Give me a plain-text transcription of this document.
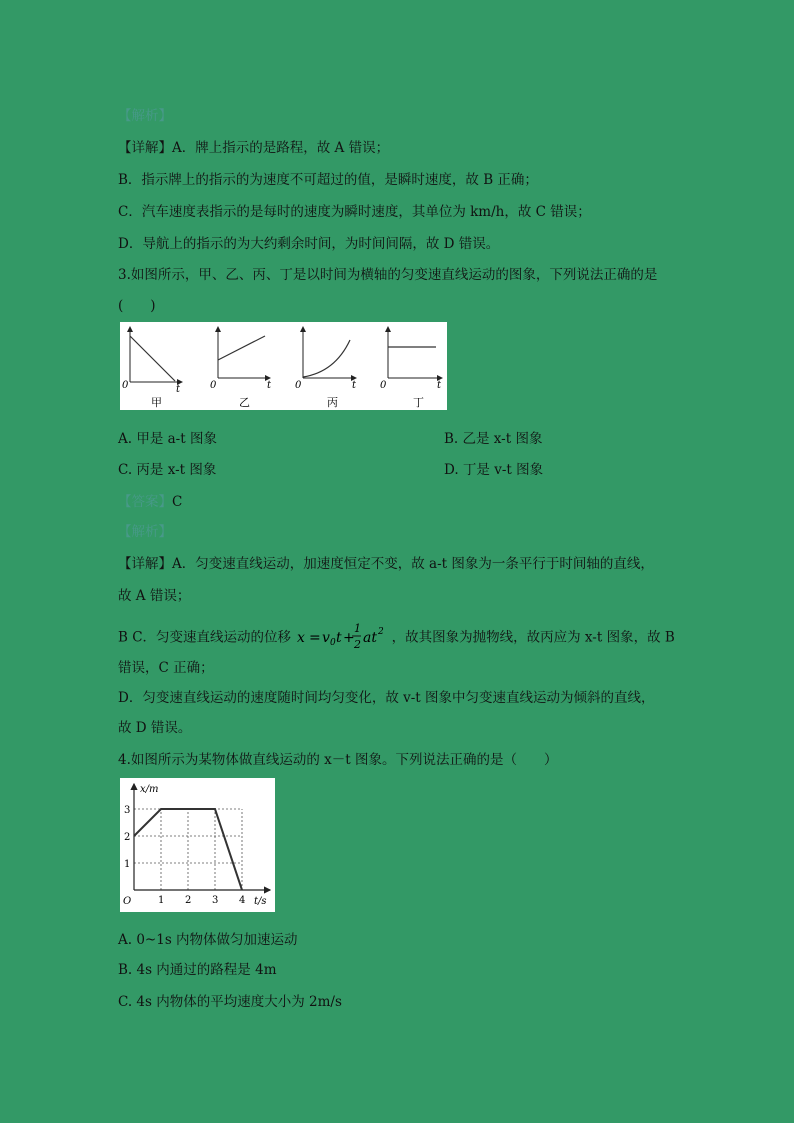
【解析】
【详解】A．牌上指示的是路程，故 A 错误；
B．指示牌上的指示的为速度不可超过的值，是瞬时速度，故 B 正确；
C．汽车速度表指示的是每时的速度为瞬时速度，其单位为 km/h，故 C 错误；
D．导航上的指示的为大约剩余时间，为时间间隔，故 D 错误。
3.如图所示，甲、乙、丙、丁是以时间为横轴的匀变速直线运动的图象，下列说法正确的是
(　　)
0	t
甲
0	t
乙
0	t
丙
0	t
丁
A. 甲是 a-t 图象	B. 乙是 x-t 图象
C. 丙是 x-t 图象	D. 丁是 v-t 图象
【答案】C
【解析】
【详解】A．匀变速直线运动，加速度恒定不变，故 a-t 图象为一条平行于时间轴的直线，
故 A 错误；
B C．匀变速直线运动的位移 x = v 0 t +
1
2 at 2 ，故其图象为抛物线，故丙应为 x-t 图象，故 B
错误，C 正确；
D．匀变速直线运动的速度随时间均匀变化，故 v-t 图象中匀变速直线运动为倾斜的直线，
故 D 错误。
4.如图所示为某物体做直线运动的 x－t 图象。下列说法正确的是（　　）
x/m
t/s
O	1 2 3 4
1
2
3
A. 0~1s 内物体做匀加速运动
B. 4s 内通过的路程是 4m
C. 4s 内物体的平均速度大小为 2m/s
